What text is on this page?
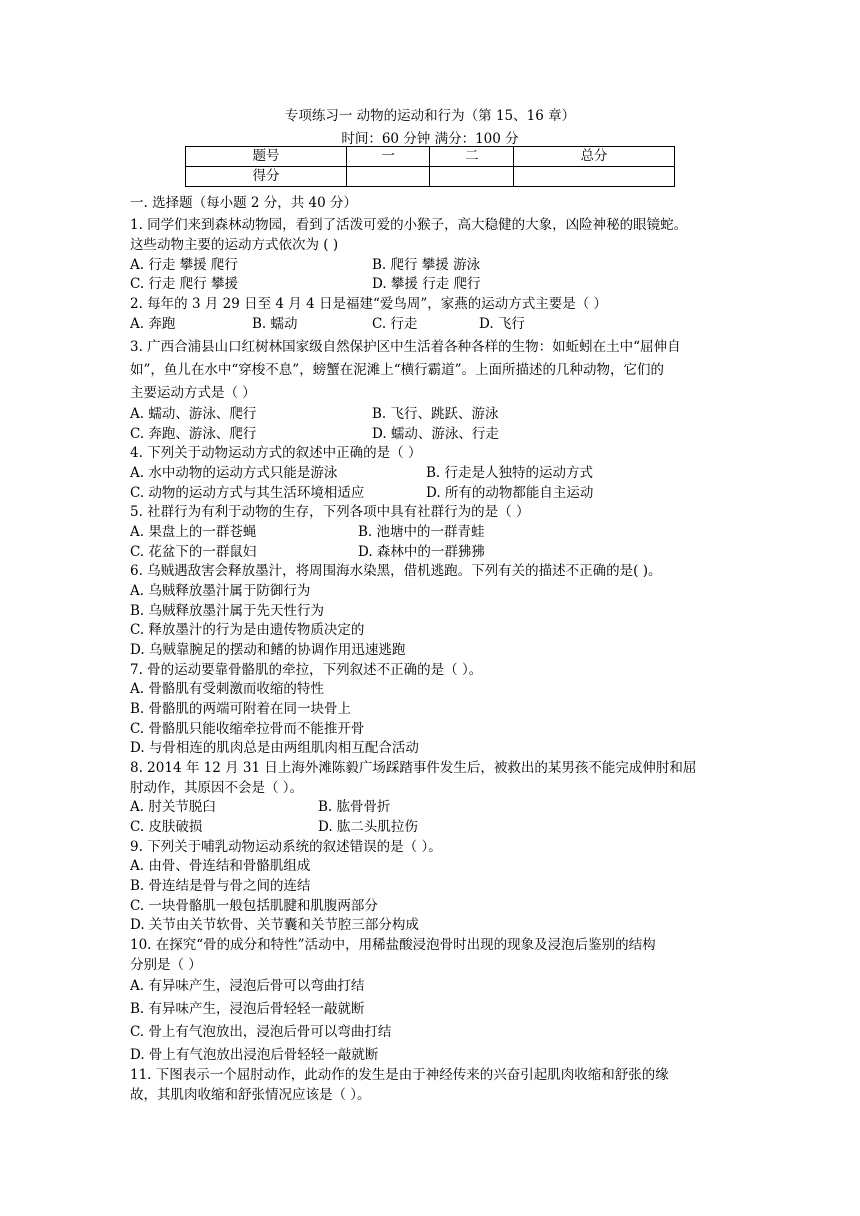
专项练习一 动物的运动和行为（第 15、16 章）
时间：60 分钟 满分：100 分
题号	一	二	总分
得分			
一. 选择题（每小题 2 分，共 40 分）
1. 同学们来到森林动物园，看到了活泼可爱的小猴子，高大稳健的大象，凶险神秘的眼镜蛇。
这些动物主要的运动方式依次为 ( )
A. 行走 攀援 爬行	B. 爬行 攀援 游泳
C. 行走 爬行 攀援	D. 攀援 行走 爬行
2. 每年的 3 月 29 日至 4 月 4 日是福建“爱鸟周”，家燕的运动方式主要是（ ）
A. 奔跑	B. 蠕动	C. 行走	D. 飞行
3. 广西合浦县山口红树林国家级自然保护区中生活着各种各样的生物：如蚯蚓在土中“屈伸自
如”，鱼儿在水中“穿梭不息”，螃蟹在泥滩上“横行霸道”。上面所描述的几种动物，它们的
主要运动方式是（ ）
A. 蠕动、游泳、爬行	B. 飞行、跳跃、游泳
C. 奔跑、游泳、爬行	D. 蠕动、游泳、行走
4. 下列关于动物运动方式的叙述中正确的是（ ）
A. 水中动物的运动方式只能是游泳	B. 行走是人独特的运动方式
C. 动物的运动方式与其生活环境相适应	D. 所有的动物都能自主运动
5. 社群行为有利于动物的生存，下列各项中具有社群行为的是（ ）
A. 果盘上的一群苍蝇	B. 池塘中的一群青蛙
C. 花盆下的一群鼠妇	D. 森林中的一群狒狒
6. 乌贼遇敌害会释放墨汁，将周围海水染黑，借机逃跑。下列有关的描述不正确的是( )。
A. 乌贼释放墨汁属于防御行为
B. 乌贼释放墨汁属于先天性行为
C. 释放墨汁的行为是由遗传物质决定的
D. 乌贼靠腕足的摆动和鳍的协调作用迅速逃跑
7. 骨的运动要靠骨骼肌的牵拉，下列叙述不正确的是（ ）。
A. 骨骼肌有受刺激而收缩的特性
B. 骨骼肌的两端可附着在同一块骨上
C. 骨骼肌只能收缩牵拉骨而不能推开骨
D. 与骨相连的肌肉总是由两组肌肉相互配合活动
8. 2014 年 12 月 31 日上海外滩陈毅广场踩踏事件发生后，被救出的某男孩不能完成伸肘和屈
肘动作，其原因不会是（ ）。
A. 肘关节脱臼	B. 肱骨骨折
C. 皮肤破损	D. 肱二头肌拉伤
9. 下列关于哺乳动物运动系统的叙述错误的是（ ）。
A. 由骨、骨连结和骨骼肌组成
B. 骨连结是骨与骨之间的连结
C. 一块骨骼肌一般包括肌腱和肌腹两部分
D. 关节由关节软骨、关节囊和关节腔三部分构成
10. 在探究“骨的成分和特性”活动中，用稀盐酸浸泡骨时出现的现象及浸泡后鉴别的结构
分别是（ ）
A. 有异味产生，浸泡后骨可以弯曲打结
B. 有异味产生，浸泡后骨轻轻一敲就断
C. 骨上有气泡放出，浸泡后骨可以弯曲打结
D. 骨上有气泡放出浸泡后骨轻轻一敲就断
11. 下图表示一个屈肘动作，此动作的发生是由于神经传来的兴奋引起肌肉收缩和舒张的缘
故，其肌肉收缩和舒张情况应该是（ ）。
